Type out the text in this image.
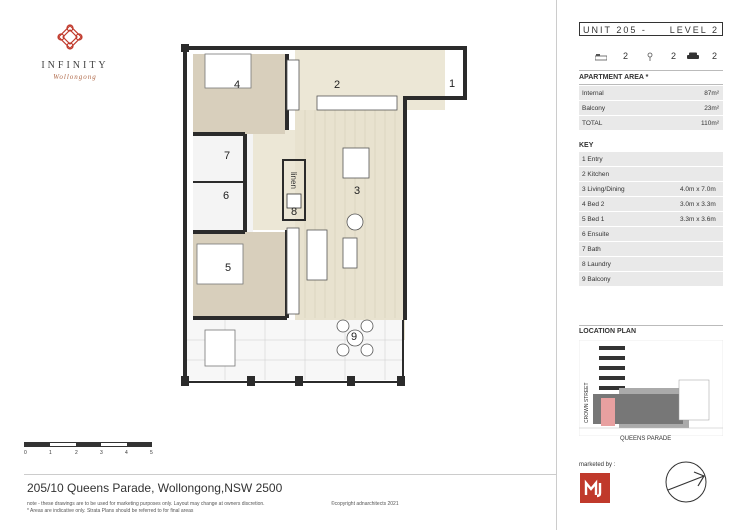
INFINITY
Wollongong
1
2
3
4
5
6
7
8
9
linen
0	1	2	3	4	5
205/10 Queens Parade, Wollongong,NSW 2500
note - these drawings are to be used for marketing purposes only. Layout may change at owners discretion.
* Areas are indicative only. Strata Plans should be referred to for final areas
©copyright adnarchitects 2021
UNIT 205 -	LEVEL 2
2	2	2
APARTMENT AREA *
Internal	87m²
Balcony	23m²
TOTAL	110m²
KEY
1 Entry
2 Kitchen
3 Living/Dining	4.0m x 7.0m
4 Bed 2	3.0m x 3.3m
5 Bed 1	3.3m x 3.6m
6 Ensuite
7 Bath
8 Laundry
9 Balcony
LOCATION PLAN
CROWN STREET
QUEENS PARADE
marketed by :
